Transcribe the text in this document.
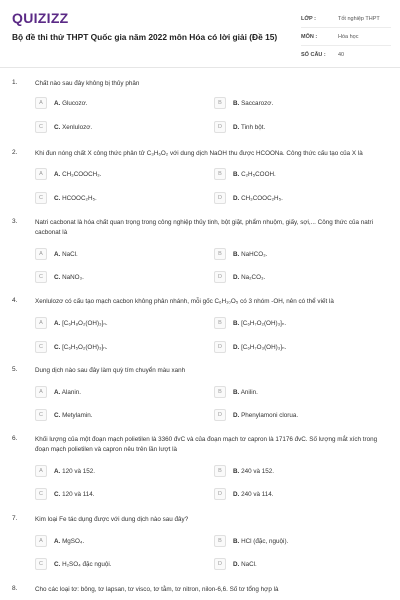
QUIZIZZ
Bộ đề thi thử THPT Quốc gia năm 2022 môn Hóa có lời giải (Đề 15)
LỚP :	Tốt nghiệp THPT
MÔN :	Hóa học
SỐ CÂU :	40
1.	Chất nào sau đây không bị thủy phân
A	A. Glucozơ.	B	B. Saccarozơ.
C	C. Xenlulozơ.	D	D. Tinh bột.
2.	Khi đun nóng chất X công thức phân tử C₃H₆O₂ với dung dịch NaOH thu được HCOONa. Công thức cấu tạo của X là
A	A. CH₃COOCH₃.	B	B. C₂H₅COOH.
C	C. HCOOC₂H₅.	D	D. CH₃COOC₂H₅.
3.	Natri cacbonat là hóa chất quan trọng trong công nghiệp thủy tinh, bột giặt, phẩm nhuộm, giấy, sợi,... Công thức của natri cacbonat là
A	A. NaCl.	B	B. NaHCO₃.
C	C. NaNO₃.	D	D. Na₂CO₃.
4.	Xenlulozơ có cấu tạo mạch cacbon không phân nhánh, mỗi gốc C₆H₁₀O₅ có 3 nhóm -OH, nên có thể viết là
A	A. [C₆H₈O₂(OH)₃]ₙ.	B	B. [C₆H₇O₂(OH)₃]ₙ.
C	C. [C₆H₅O₂(OH)₃]ₙ.	D	D. [C₆H₇O₃(OH)₃]ₙ.
5.	Dung dịch nào sau đây làm quỳ tím chuyển màu xanh
A	A. Alanin.	B	B. Anilin.
C	C. Metylamin.	D	D. Phenylamoni clorua.
6.	Khối lượng của một đoạn mạch polietilen là 3360 đvC và của đoạn mạch tơ capron là 17176 đvC. Số lượng mắt xích trong đoạn mạch polietilen và capron nêu trên lần lượt là
A	A. 120 và 152.	B	B. 240 và 152.
C	C. 120 và 114.	D	D. 240 và 114.
7.	Kim loại Fe tác dụng được với dung dịch nào sau đây?
A	A. MgSO₄.	B	B. HCl (đặc, nguội).
C	C. H₂SO₄ đặc nguội.	D	D. NaCl.
8.	Cho các loại tơ: bông, tơ lapsan, tơ visco, tơ tằm, tơ nitron, nilon-6,6. Số tơ tổng hợp là
